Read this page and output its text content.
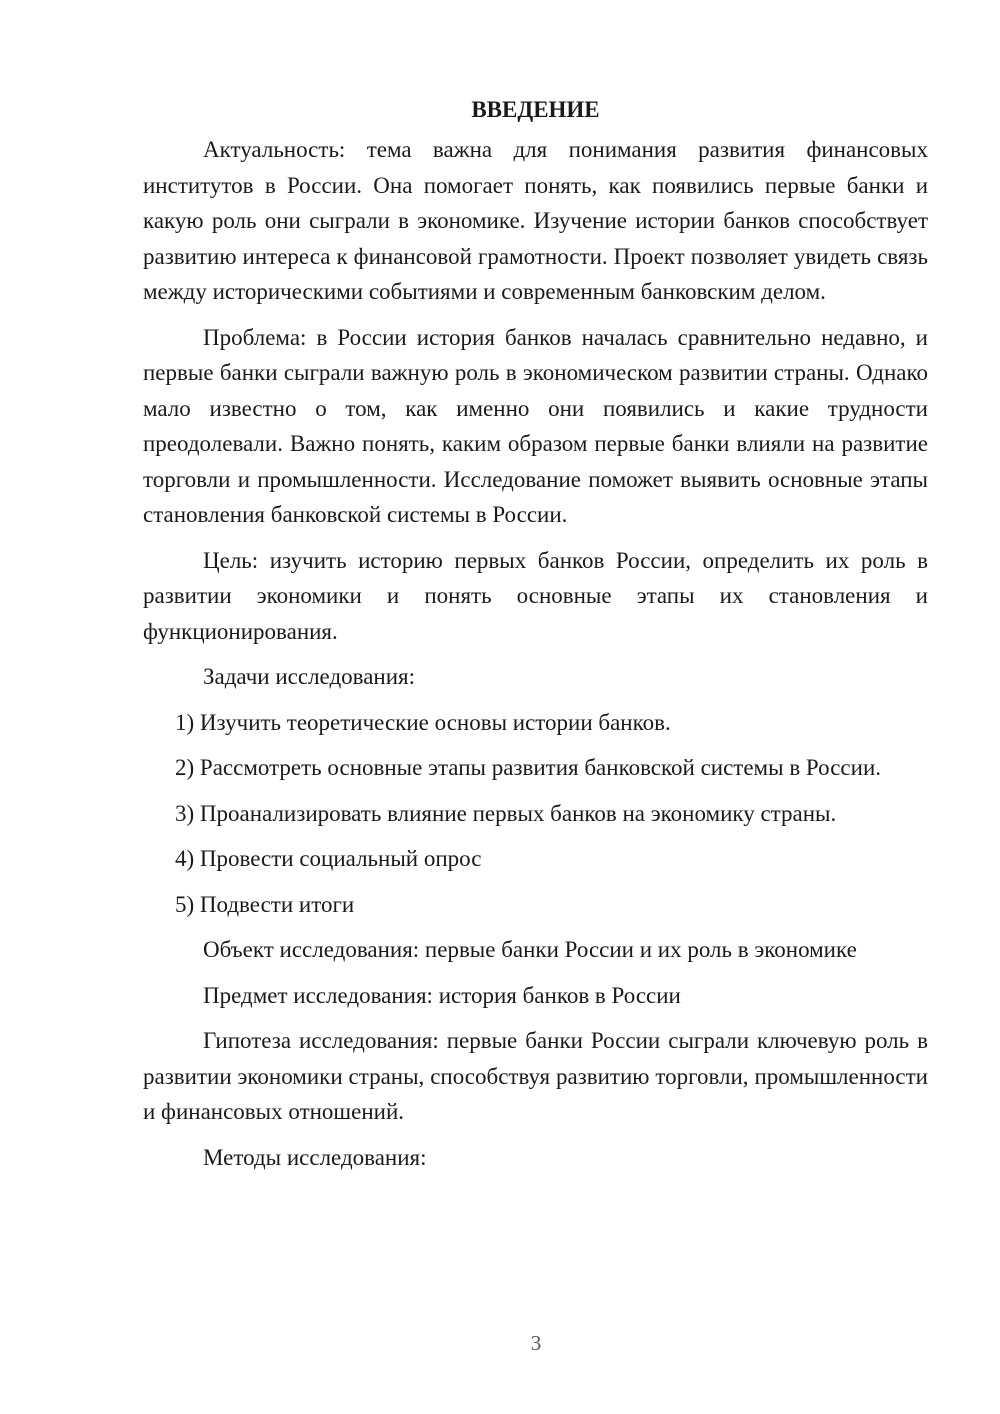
ВВЕДЕНИЕ

Актуальность: тема важна для понимания развития финансовых институтов в России. Она помогает понять, как появились первые банки и какую роль они сыграли в экономике. Изучение истории банков способствует развитию интереса к финансовой грамотности. Проект позволяет увидеть связь между историческими событиями и современным банковским делом.

Проблема: в России история банков началась сравнительно недавно, и первые банки сыграли важную роль в экономическом развитии страны. Однако мало известно о том, как именно они появились и какие трудности преодолевали. Важно понять, каким образом первые банки влияли на развитие торговли и промышленности. Исследование поможет выявить основные этапы становления банковской системы в России.

Цель: изучить историю первых банков России, определить их роль в развитии экономики и понять основные этапы их становления и функционирования.

Задачи исследования:

1) Изучить теоретические основы истории банков.

2) Рассмотреть основные этапы развития банковской системы в России.

3) Проанализировать влияние первых банков на экономику страны.

4) Провести социальный опрос

5) Подвести итоги

Объект исследования: первые банки России и их роль в экономике

Предмет исследования: история банков в России

Гипотеза исследования: первые банки России сыграли ключевую роль в развитии экономики страны, способствуя развитию торговли, промышленности и финансовых отношений.

Методы исследования:

3
